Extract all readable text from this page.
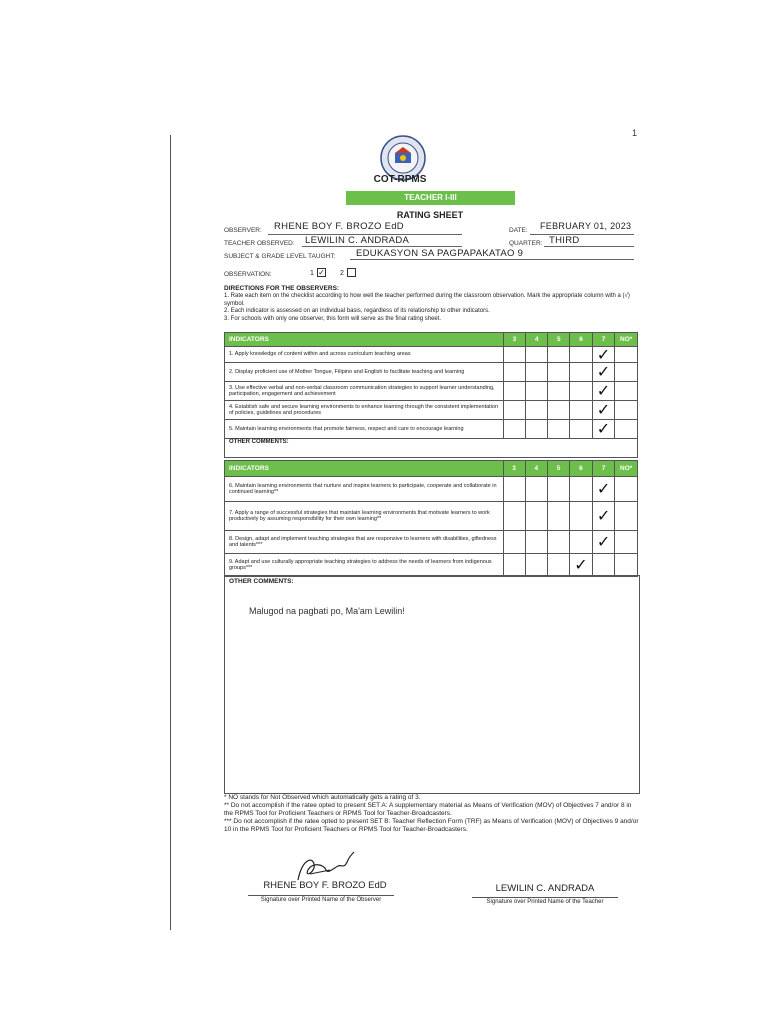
1
COT-RPMS
TEACHER I-III
RATING SHEET
OBSERVER: RHENE BOY F. BROZO EdD	DATE: FEBRUARY 01, 2023
TEACHER OBSERVED: LEWILIN C. ANDRADA	QUARTER: THIRD
SUBJECT & GRADE LEVEL TAUGHT: EDUKASYON SA PAGPAPAKATAO 9
OBSERVATION:	1 ✓ 2
DIRECTIONS FOR THE OBSERVERS:
1. Rate each item on the checklist according to how well the teacher performed during the classroom observation. Mark the appropriate column with a (√) symbol.
2. Each indicator is assessed on an individual basis, regardless of its relationship to other indicators.
3. For schools with only one observer, this form will serve as the final rating sheet.
INDICATORS	3	4	5	6	7	NO*
1. Apply knowledge of content within and across curriculum teaching areas					✓	
2. Display proficient use of Mother Tongue, Filipino and English to facilitate teaching and learning					✓	
3. Use effective verbal and non-verbal classroom communication strategies to support learner understanding, participation, engagement and achievement					✓	
4. Establish safe and secure learning environments to enhance learning through the consistent implementation of policies, guidelines and procedures					✓	
5. Maintain learning environments that promote fairness, respect and care to encourage learning					✓	
OTHER COMMENTS:						
INDICATORS	3	4	5	6	7	NO*
6. Maintain learning environments that nurture and inspire learners to participate, cooperate and collaborate in continued learning**					✓	
7. Apply a range of successful strategies that maintain learning environments that motivate learners to work productively by assuming responsibility for their own learning**					✓	
8. Design, adapt and implement teaching strategies that are responsive to learners with disabilities, giftedness and talents***					✓	
9. Adapt and use culturally appropriate teaching strategies to address the needs of learners from indigenous groups***				✓		
OTHER COMMENTS:
Malugod na pagbati po, Ma'am Lewilin!
* NO stands for Not Observed which automatically gets a rating of 3.
** Do not accomplish if the ratee opted to present SET A: A supplementary material as Means of Verification (MOV) of Objectives 7 and/or 8 in the RPMS Tool for Proficient Teachers or RPMS Tool for Teacher-Broadcasters.
*** Do not accomplish if the ratee opted to present SET B: Teacher Reflection Form (TRF) as Means of Verification (MOV) of Objectives 9 and/or 10 in the RPMS Tool for Proficient Teachers or RPMS Tool for Teacher-Broadcasters.
RHENE BOY F. BROZO EdD
Signature over Printed Name of the Observer
LEWILIN C. ANDRADA
Signature over Printed Name of the Teacher
